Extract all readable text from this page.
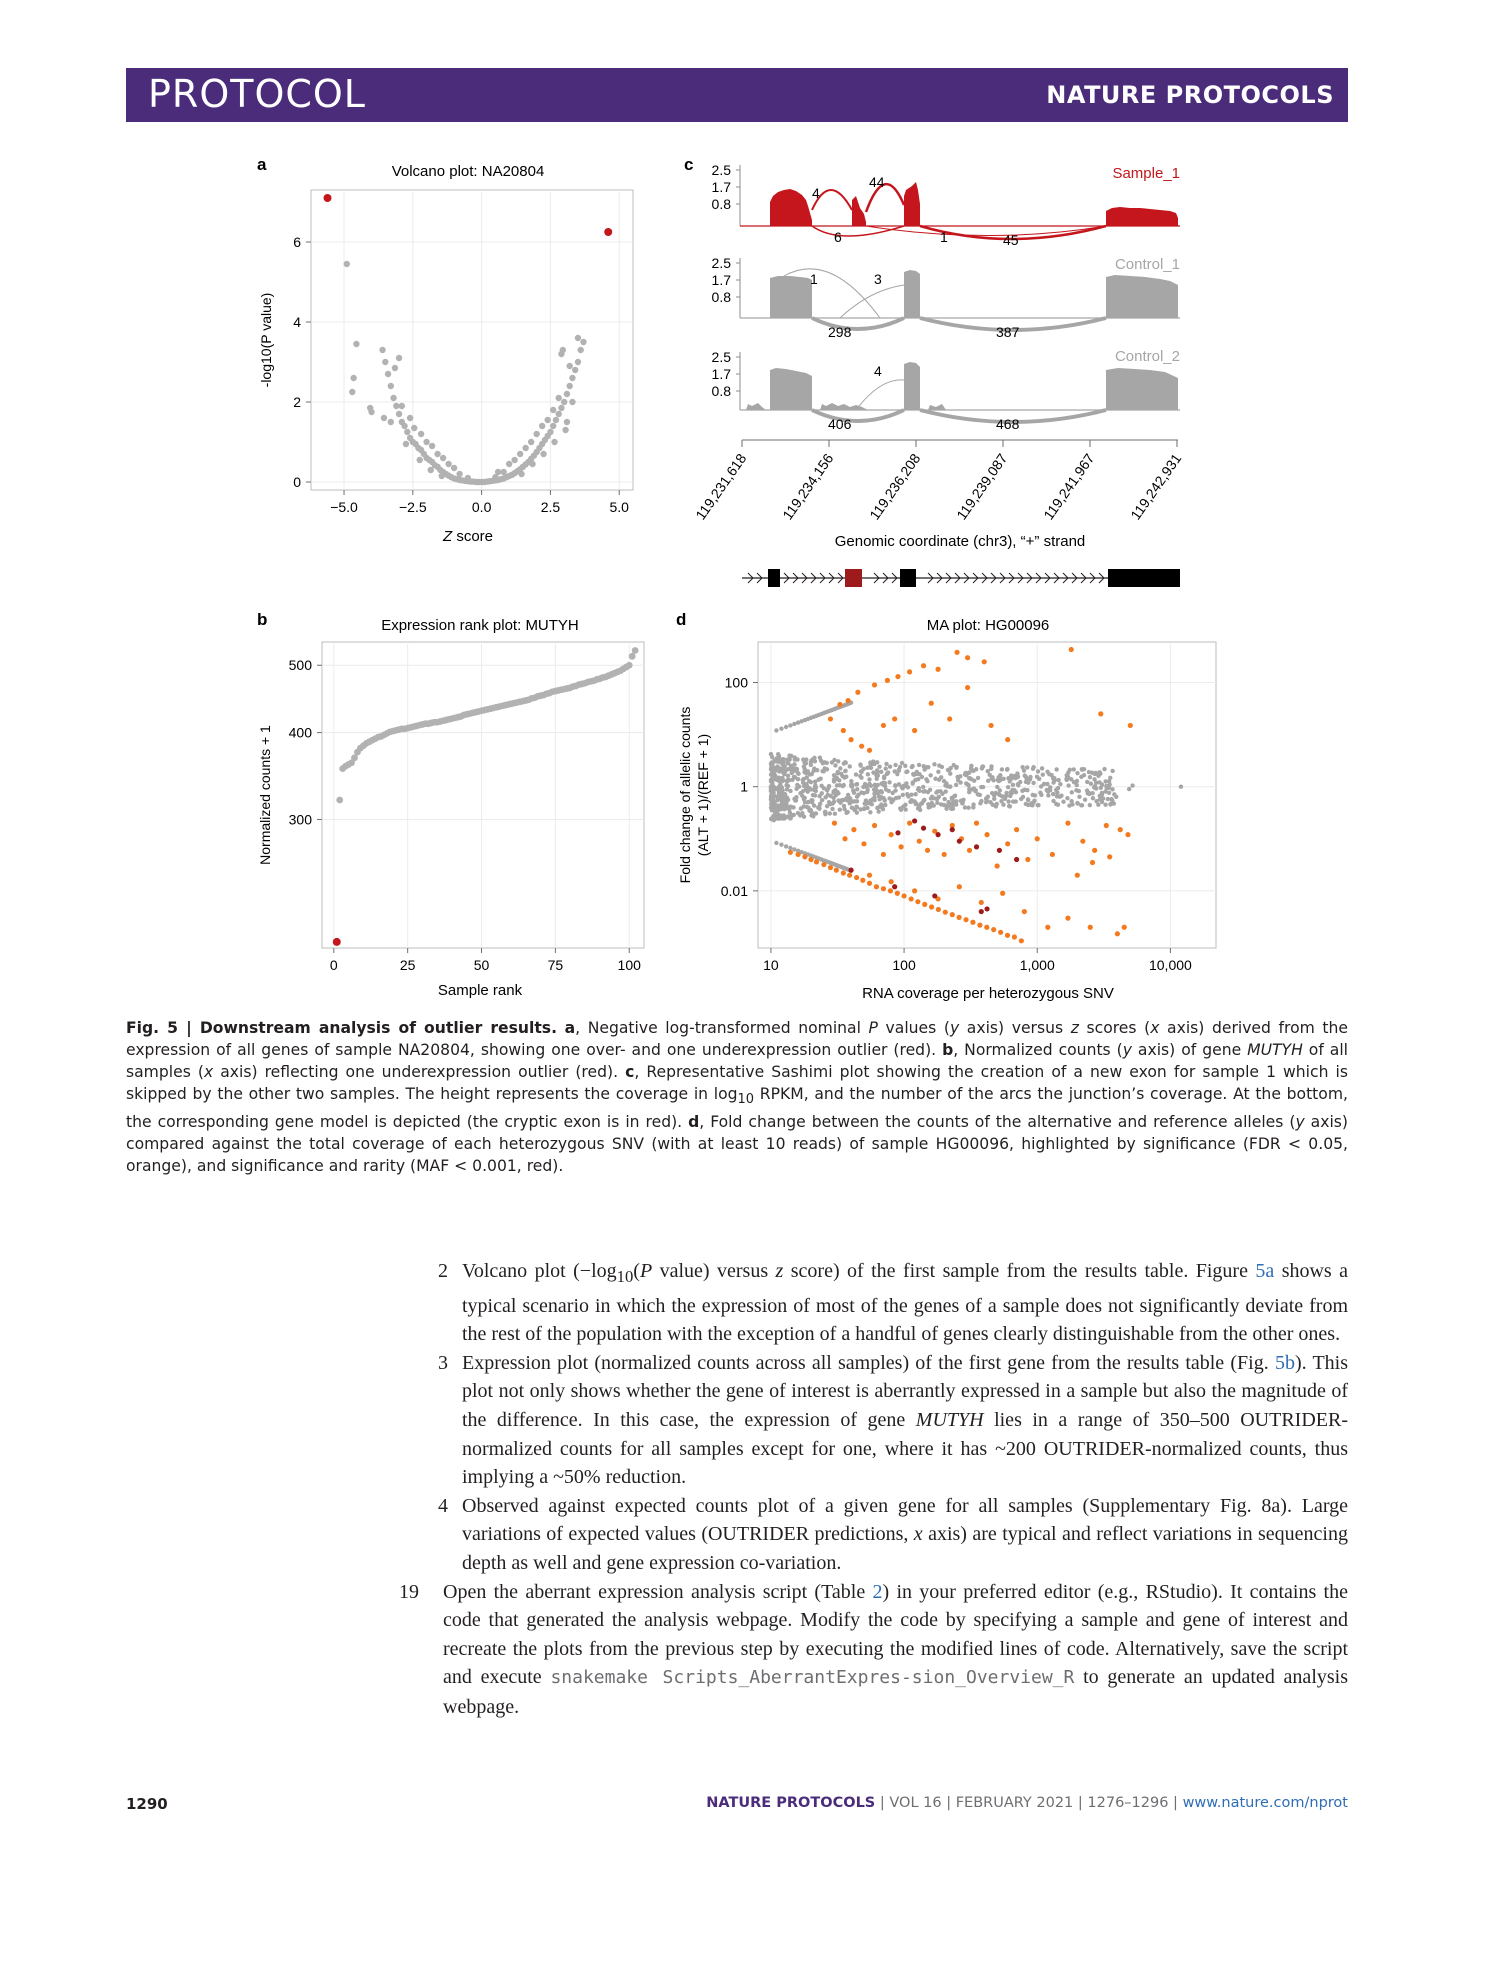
PROTOCOL	NATURE PROTOCOLS
a	c
b	d
Volcano plot: NA20804
−5.0	−2.5	0.0	2.5	5.0
0
2
4
6
Z score
-log10(P value)
Expression rank plot: MUTYH
0	25	50	75	100
300
400
500
Sample rank
Normalized counts + 1
2.5
1.7
0.8
4
44
6	1	45
Sample_1
2.5
1.7
0.8
1	3
298	387
Control_1
2.5
1.7
0.8
4
406	468
Control_2
119,231,618 119,234,156 119,236,208 119,239,087 119,241,967 119,242,931
Genomic coordinate (chr3), “+” strand
MA plot: HG00096
10	100	1,000	10,000
100
1
0.01
RNA coverage per heterozygous SNV
Fold change of allelic counts (ALT + 1)/(REF + 1)
Fig. 5 | Downstream analysis of outlier results. a, Negative log-transformed nominal P values (y axis) versus z scores (x axis) derived from the expression of all genes of sample NA20804, showing one over- and one underexpression outlier (red). b, Normalized counts (y axis) of gene MUTYH of all samples (x axis) reflecting one underexpression outlier (red). c, Representative Sashimi plot showing the creation of a new exon for sample 1 which is skipped by the other two samples. The height represents the coverage in $\log_{10}$ RPKM, and the number of the arcs the junction’s coverage. At the bottom, the corresponding gene model is depicted (the cryptic exon is in red). d, Fold change between the counts of the alternative and reference alleles (y axis) compared against the total coverage of each heterozygous SNV (with at least 10 reads) of sample HG00096, highlighted by significance (FDR < 0.05, orange), and significance and rarity (MAF < 0.001, red).
2 Volcano plot ($-\log_{10}(P$ value) versus z score) of the first sample from the results table. Figure 5a shows a typical scenario in which the expression of most of the genes of a sample does not significantly deviate from the rest of the population with the exception of a handful of genes clearly distinguishable from the other ones.
3 Expression plot (normalized counts across all samples) of the first gene from the results table (Fig. 5b). This plot not only shows whether the gene of interest is aberrantly expressed in a sample but also the magnitude of the difference. In this case, the expression of gene MUTYH lies in a range of 350–500 OUTRIDER-normalized counts for all samples except for one, where it has ~200 OUTRIDER-normalized counts, thus implying a ~50% reduction.
4 Observed against expected counts plot of a given gene for all samples (Supplementary Fig. 8a). Large variations of expected values (OUTRIDER predictions, x axis) are typical and reflect variations in sequencing depth as well and gene expression co-variation.
19 Open the aberrant expression analysis script (Table 2) in your preferred editor (e.g., RStudio). It contains the code that generated the analysis webpage. Modify the code by specifying a sample and gene of interest and recreate the plots from the previous step by executing the modified lines of code. Alternatively, save the script and execute snakemake Scripts_AberrantExpres-sion_Overview_R to generate an updated analysis webpage.
1290	NATURE PROTOCOLS | VOL 16 | FEBRUARY 2021 | 1276–1296 | www.nature.com/nprot
